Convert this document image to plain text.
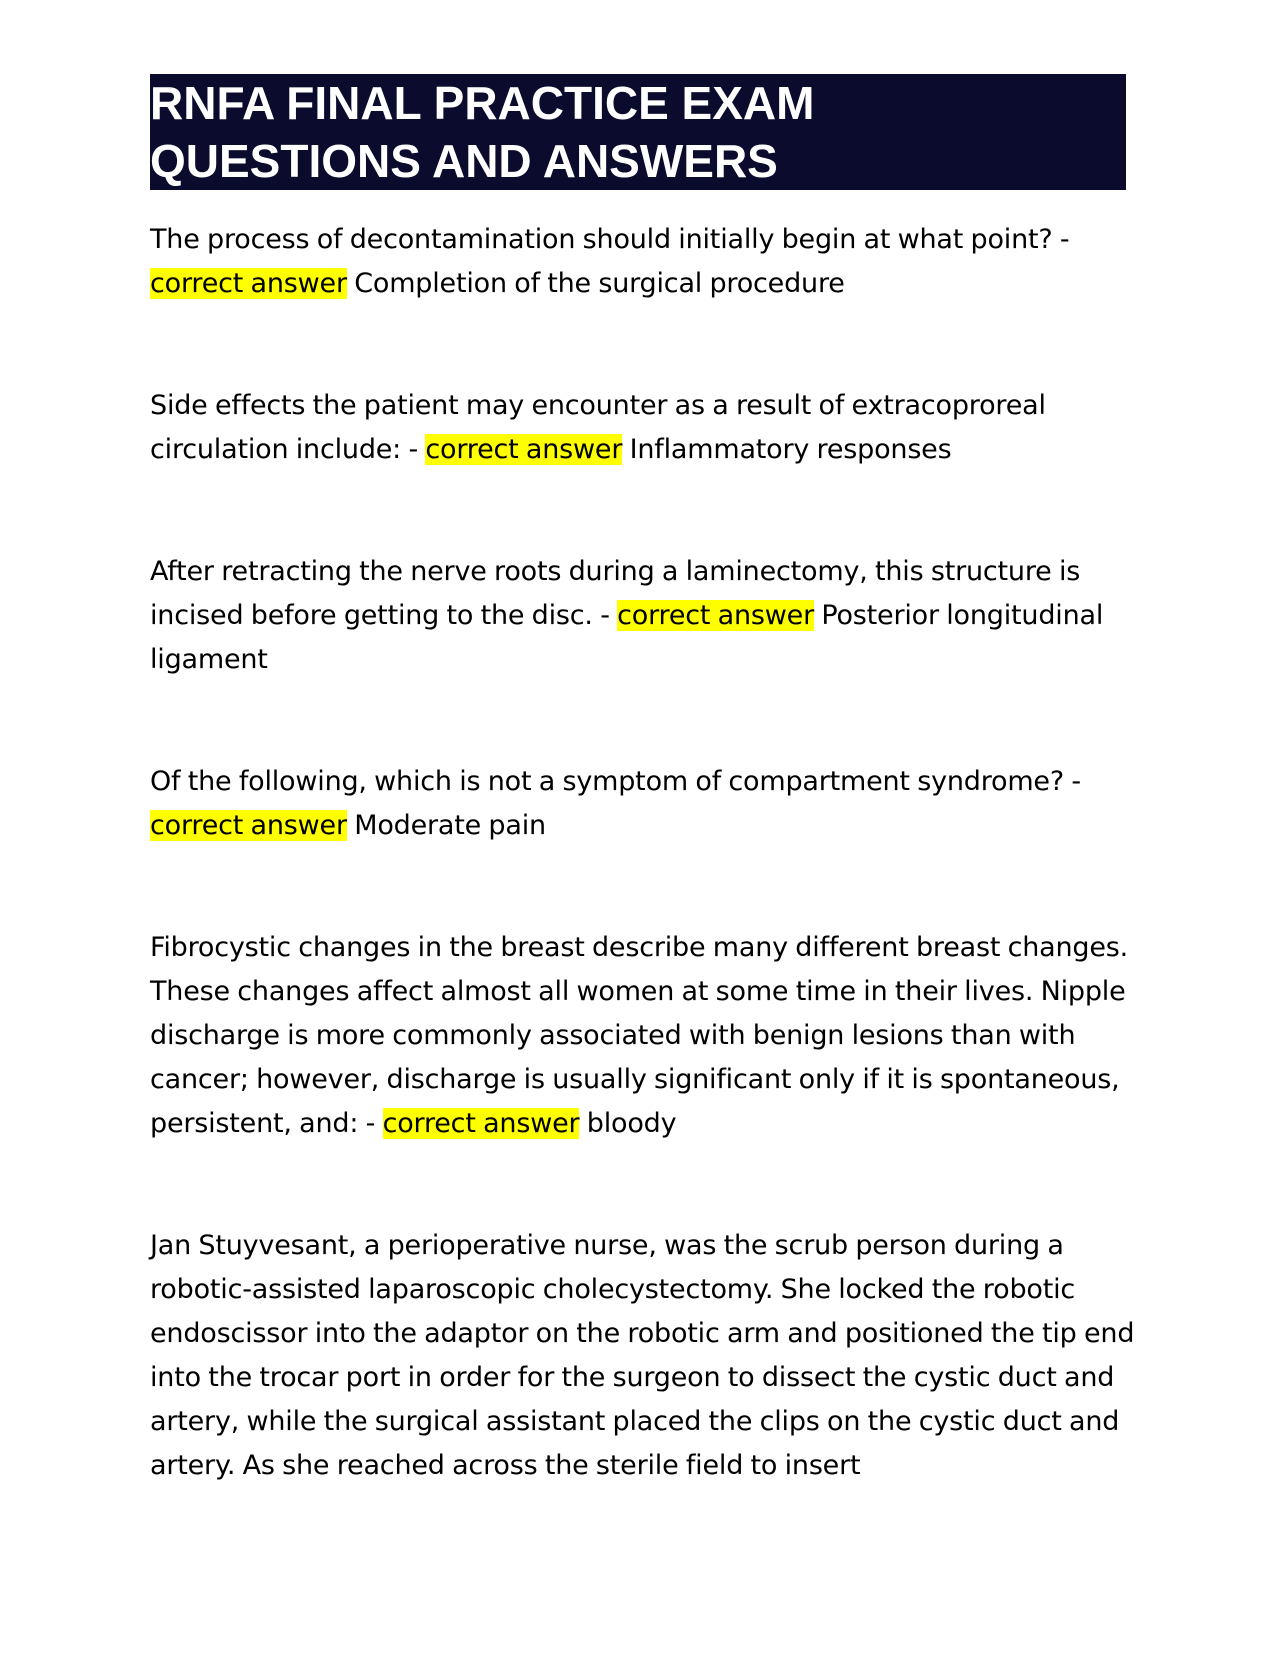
RNFA FINAL PRACTICE EXAM
QUESTIONS AND ANSWERS

The process of decontamination should initially begin at what point? - correct answer Completion of the surgical procedure

Side effects the patient may encounter as a result of extracoproreal circulation include: - correct answer Inflammatory responses

After retracting the nerve roots during a laminectomy, this structure is incised before getting to the disc. - correct answer Posterior longitudinal ligament

Of the following, which is not a symptom of compartment syndrome? - correct answer Moderate pain

Fibrocystic changes in the breast describe many different breast changes. These changes affect almost all women at some time in their lives. Nipple discharge is more commonly associated with benign lesions than with cancer; however, discharge is usually significant only if it is spontaneous, persistent, and: - correct answer bloody

Jan Stuyvesant, a perioperative nurse, was the scrub person during a robotic-assisted laparoscopic cholecystectomy. She locked the robotic endoscissor into the adaptor on the robotic arm and positioned the tip end into the trocar port in order for the surgeon to dissect the cystic duct and artery, while the surgical assistant placed the clips on the cystic duct and artery. As she reached across the sterile field to insert
